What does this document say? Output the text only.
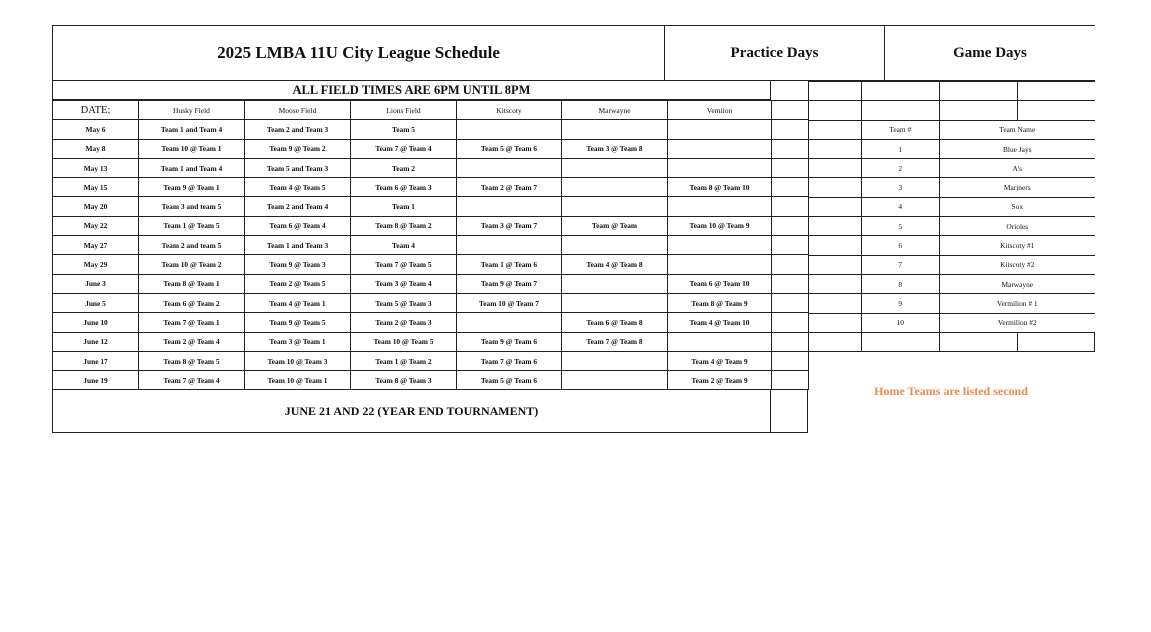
2025 LMBA 11U City League Schedule	Practice Days	Game Days
ALL FIELD TIMES ARE 6PM UNTIL 8PM
DATE:	Husky Field	Moose Field	Lions Field	Kitscoty	Marwayne	Vemiion	
May 6	Team 1 and Team 4	Team 2 and Team 3	Team 5				
May 8	Team 10 @ Team 1	Team 9 @ Team 2	Team 7 @ Team 4	Team 5 @ Team 6	Team 3 @ Team 8		
May 13	Team 1 and Team 4	Team 5 and Team 3	Team 2				
May 15	Team 9 @ Team 1	Team 4 @ Team 5	Team 6 @ Team 3	Team 2 @ Team 7		Team 8 @ Team 10	
May 20	Team 3 and team 5	Team 2 and Team 4	Team 1				
May 22	Team 1 @ Team 5	Team 6 @ Team 4	Team 8 @ Team 2	Team 3 @ Team 7	Team @ Team	Team 10 @ Team 9	
May 27	Team 2 and team 5	Team 1 and Team 3	Team 4				
May 29	Team 10 @ Team 2	Team 9 @ Team 3	Team 7 @ Team 5	Team 1 @ Team 6	Team 4 @ Team 8		
June 3	Team 8 @ Team 1	Team 2 @ Team 5	Team 3 @ Team 4	Team 9 @ Team 7		Team 6 @ Team 10	
June 5	Team 6 @ Team 2	Team 4 @ Team 1	Team 5 @ Team 3	Team 10 @ Team 7		Team 8 @ Team 9	
June 10	Team 7 @ Team 1	Team 9 @ Team 5	Team 2 @ Team 3		Team 6 @ Team 8	Team 4 @ Team 10	
June 12	Team 2 @ Team 4	Team 3 @ Team 1	Team 10 @ Team 5	Team 9 @ Team 6	Team 7 @ Team 8		
June 17	Team 8 @ Team 5	Team 10 @ Team 3	Team 1 @ Team 2	Team 7 @ Team 6		Team 4 @ Team 9	
June 19	Team 7 @ Team 4	Team 10 @ Team 1	Team 8 @ Team 3	Team 5 @ Team 6		Team 2 @ Team 9	
JUNE 21 AND 22 (YEAR END TOURNAMENT)

	Team #	Team Name	
	1	Blue Jays	
	2	A's	
	3	Mariners	
	4	Sox	
	5	Orioles	
	6	Kitscoty #1	
	7	Kitscoty #2	
	8	Marwayne	
	9	Vermilion # 1	
	10	Vermilion #2	

Home Teams are listed second
